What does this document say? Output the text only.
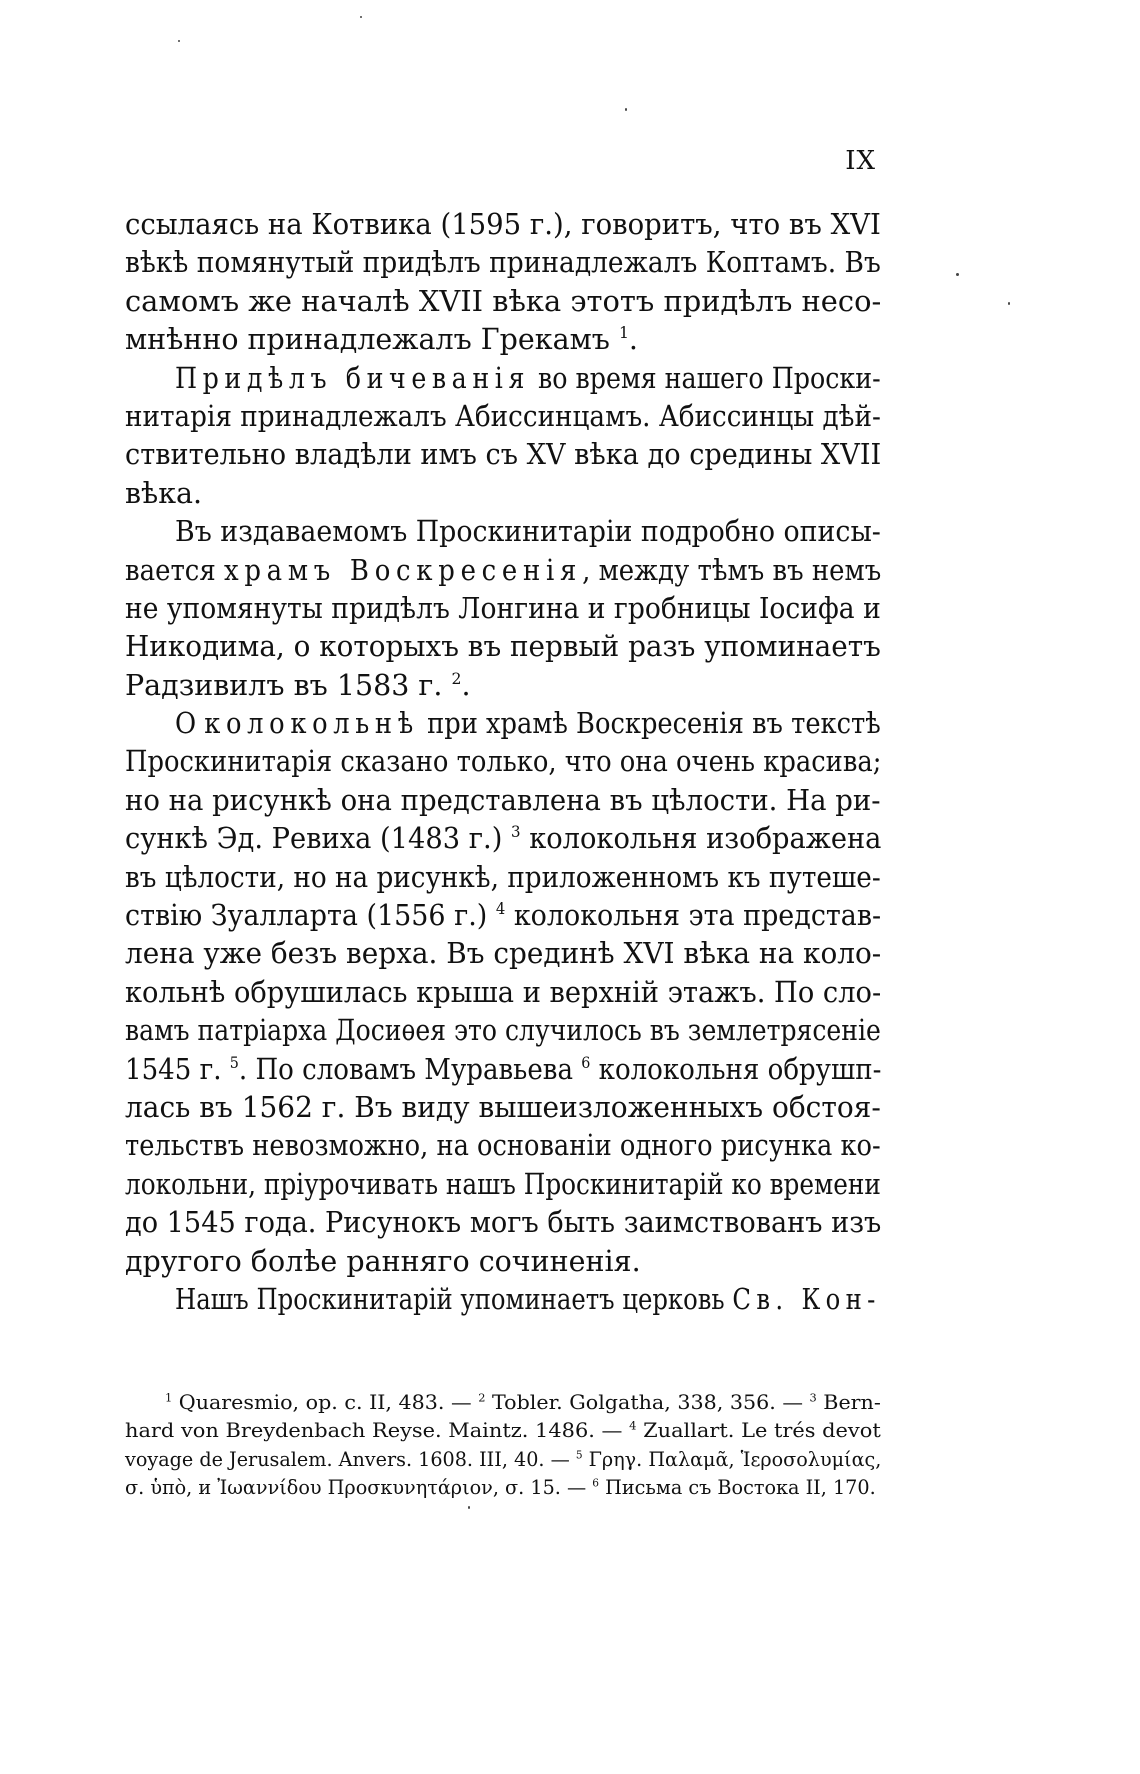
IX
ссылаясь на Котвика (1595 г.), говоритъ, что въ XVI
вѣкѣ помянутый придѣлъ принадлежалъ Коптамъ. Въ
самомъ же началѣ XVII вѣка этотъ придѣлъ несо-
мнѣнно принадлежалъ Грекамъ $^1$.
Придѣлъ бичеванія во время нашего Проски-
нитарія принадлежалъ Абиссинцамъ. Абиссинцы дѣй-
ствительно владѣли имъ съ XV вѣка до средины XVII
вѣка.
Въ издаваемомъ Проскинитаріи подробно описы-
вается храмъ Воскресенія, между тѣмъ въ немъ
не упомянуты придѣлъ Лонгина и гробницы Іосифа и
Никодима, о которыхъ въ первый разъ упоминаетъ
Радзивилъ въ 1583 г. $^2$.
О колокольнѣ при храмѣ Воскресенія въ текстѣ
Проскинитарія сказано только, что она очень красива;
но на рисункѣ она представлена въ цѣлости. На ри-
сункѣ Эд. Ревиха (1483 г.) $^3$ колокольня изображена
въ цѣлости, но на рисункѣ, приложенномъ къ путеше-
ствію Зуалларта (1556 г.) $^4$ колокольня эта представ-
лена уже безъ верха. Въ срединѣ XVI вѣка на коло-
кольнѣ обрушилась крыша и верхній этажъ. По сло-
вамъ патріарха Досиѳея это случилось въ землетрясеніе
1545 г. $^5$. По словамъ Муравьева $^6$ колокольня обрушп-
лась въ 1562 г. Въ виду вышеизложенныхъ обстоя-
тельствъ невозможно, на основаніи одного рисунка ко-
локольни, пріурочивать нашъ Проскинитарій ко времени
до 1545 года. Рисунокъ могъ быть заимствованъ изъ
другого болѣе ранняго сочиненія.
Нашъ Проскинитарій упоминаетъ церковь Св. Кон-
$^1$ Quaresmio, op. c. II, 483. — $^2$ Tobler. Golgatha, 338, 356. — $^3$ Bern-
hard von Breydenbach Reyse. Maintz. 1486. — $^4$ Zuallart. Le trés devot
voyage de Jerusalem. Anvers. 1608. III, 40. — $^5$ Γρηγ. Παλαμᾶ, Ἱεροσολυμίας,
σ. ὑπὸ, и Ἰωαννίδου Προσκυνητάριον, σ. 15. — $^6$ Письма съ Востока II, 170.
